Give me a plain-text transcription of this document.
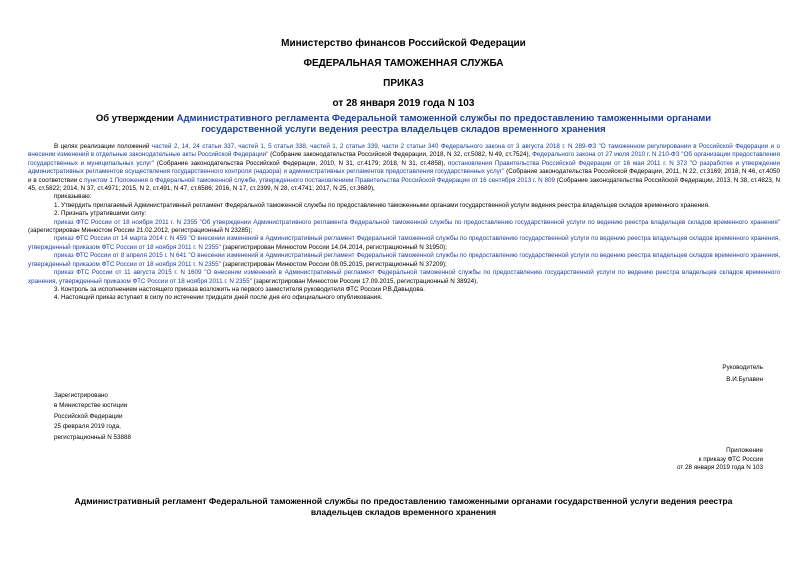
Министерство финансов Российской Федерации
ФЕДЕРАЛЬНАЯ ТАМОЖЕННАЯ СЛУЖБА
ПРИКАЗ
от 28 января 2019 года N 103
Об утверждении Административного регламента Федеральной таможенной службы по предоставлению таможенными органами государственной услуги ведения реестра владельцев складов временного хранения

В целях реализации положений частей 2, 14, 24 статьи 337, частей 1, 5 статьи 338, частей 1, 2 статьи 339, части 2 статьи 340 Федерального закона от 3 августа 2018 г. N 289-ФЗ "О таможенном регулировании в Российской Федерации и о внесении изменений в отдельные законодательные акты Российской Федерации" (Собрание законодательства Российской Федерации, 2018, N 32, ст.5082, N 49, ст.7524), Федерального закона от 27 июля 2010 г. N 210-ФЗ "Об организации предоставления государственных и муниципальных услуг" (Собрание законодательства Российской Федерации, 2010, N 31, ст.4179; 2018, N 31, ст.4858), постановления Правительства Российской Федерации от 16 мая 2011 г. N 373 "О разработке и утверждении административных регламентов осуществления государственного контроля (надзора) и административных регламентов предоставления государственных услуг" (Собрание законодательства Российской Федерации, 2011, N 22, ст.3169; 2018, N 46, ст.4050 и в соответствии с пунктом 1 Положения о Федеральной таможенной службе, утвержденного постановлением Правительства Российской Федерации от 16 сентября 2013 г. N 809 (Собрание законодательства Российской Федерации, 2013, N 38, ст.4823, N 45, ст.5822; 2014, N 37, ст.4971; 2015, N 2, ст.491, N 47, ст.6586; 2016, N 17, ст.2399, N 28, ст.4741; 2017, N 25, ст.3689),

приказываю:

1. Утвердить прилагаемый Административный регламент Федеральной таможенной службы по предоставлению таможенными органами государственной услуги ведения реестра владельцев складов временного хранения.

2. Признать утратившими силу:

приказ ФТС России от 18 ноября 2011 г. N 2355 "Об утверждении Административного регламента Федеральной таможенной службы по предоставлению государственной услуги по ведению реестра владельцев складов временного хранения" (зарегистрирован Минюстом России 21.02.2012, регистрационный N 23285);

приказ ФТС России от 14 марта 2014 г. N 459 "О внесении изменений в Административный регламент Федеральной таможенной службы по предоставлению государственной услуги по ведению реестра владельцев складов временного хранения, утвержденный приказом ФТС России от 18 ноября 2011 г. N 2355" (зарегистрирован Минюстом России 14.04.2014, регистрационный N 31950);

приказ ФТС России от 8 апреля 2015 г. N 641 "О внесении изменений в Административный регламент Федеральной таможенной службы по предоставлению государственной услуги по ведению реестра владельцев складов временного хранения, утвержденный приказом ФТС России от 18 ноября 2011 г. N 2355" (зарегистрирован Минюстом России 08.05.2015, регистрационный N 37209);

приказ ФТС России от 11 августа 2015 г. N 1609 "О внесении изменений в Административный регламент Федеральной таможенной службы по предоставлению государственной услуги по ведению реестра владельцев складов временного хранения, утвержденный приказом ФТС России от 18 ноября 2011 г. N 2355" (зарегистрирован Минюстом России 17.09.2015, регистрационный N 38924).

3. Контроль за исполнением настоящего приказа возложить на первого заместителя руководителя ФТС России Р.В.Давыдова.

4. Настоящий приказ вступает в силу по истечении тридцати дней после дня его официального опубликования.

Руководитель
В.И.Булавин
Зарегистрировано
в Министерстве юстиции
Российской Федерации
25 февраля 2019 года,
регистрационный N 53888
Приложение
к приказу ФТС России
от 28 января 2019 года N 103
Административный регламент Федеральной таможенной службы по предоставлению таможенными органами государственной услуги ведения реестра владельцев складов временного хранения
